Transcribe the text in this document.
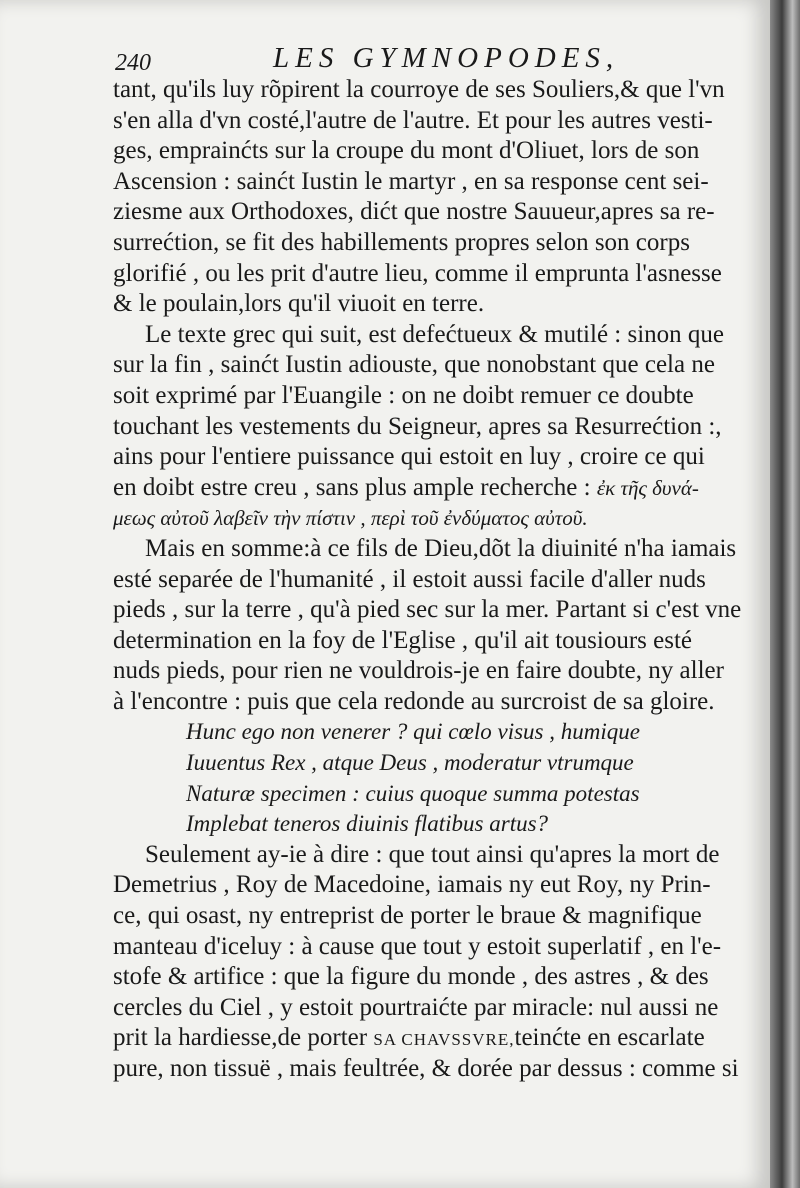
240	LES GYMNOPODES,
tant, qu'ils luy rõpirent la courroye de ses Souliers,& que l'vn
s'en alla d'vn costé,l'autre de l'autre. Et pour les autres vesti-
ges, emprainćts sur la croupe du mont d'Oliuet, lors de son
Ascension : sainćt Iustin le martyr , en sa response cent sei-
ziesme aux Orthodoxes, dićt que nostre Sauueur,apres sa re-
surrećtion, se fit des habillements propres selon son corps
glorifié , ou les prit d'autre lieu, comme il emprunta l'asnesse
& le poulain,lors qu'il viuoit en terre.
Le texte grec qui suit, est defećtueux & mutilé : sinon que
sur la fin , sainćt Iustin adiouste, que nonobstant que cela ne
soit exprimé par l'Euangile : on ne doibt remuer ce doubte
touchant les vestements du Seigneur, apres sa Resurrećtion :,
ains pour l'entiere puissance qui estoit en luy , croire ce qui
en doibt estre creu , sans plus ample recherche : ἐκ τῆς δυνά-
μεως αὐτοῦ λαβεῖν τὴν πίστιν , περὶ τοῦ ἐνδύματος αὐτοῦ.
Mais en somme:à ce fils de Dieu,dõt la diuinité n'ha iamais
esté separée de l'humanité , il estoit aussi facile d'aller nuds
pieds , sur la terre , qu'à pied sec sur la mer. Partant si c'est vne
determination en la foy de l'Eglise , qu'il ait tousiours esté
nuds pieds, pour rien ne vouldrois-je en faire doubte, ny aller
à l'encontre : puis que cela redonde au surcroist de sa gloire.
Hunc ego non venerer ? qui cœlo visus , humique
Iuuentus Rex , atque Deus , moderatur vtrumque
Naturæ specimen : cuius quoque summa potestas
Implebat teneros diuinis flatibus artus?
Seulement ay-ie à dire : que tout ainsi qu'apres la mort de
Demetrius , Roy de Macedoine, iamais ny eut Roy, ny Prin-
ce, qui osast, ny entreprist de porter le braue & magnifique
manteau d'iceluy : à cause que tout y estoit superlatif , en l'e-
stofe & artifice : que la figure du monde , des astres , & des
cercles du Ciel , y estoit pourtraićte par miracle: nul aussi ne
prit la hardiesse,de porter SA CHAVSSVRE,teinćte en escarlate
pure, non tissuë , mais feultrée, & dorée par dessus : comme si
